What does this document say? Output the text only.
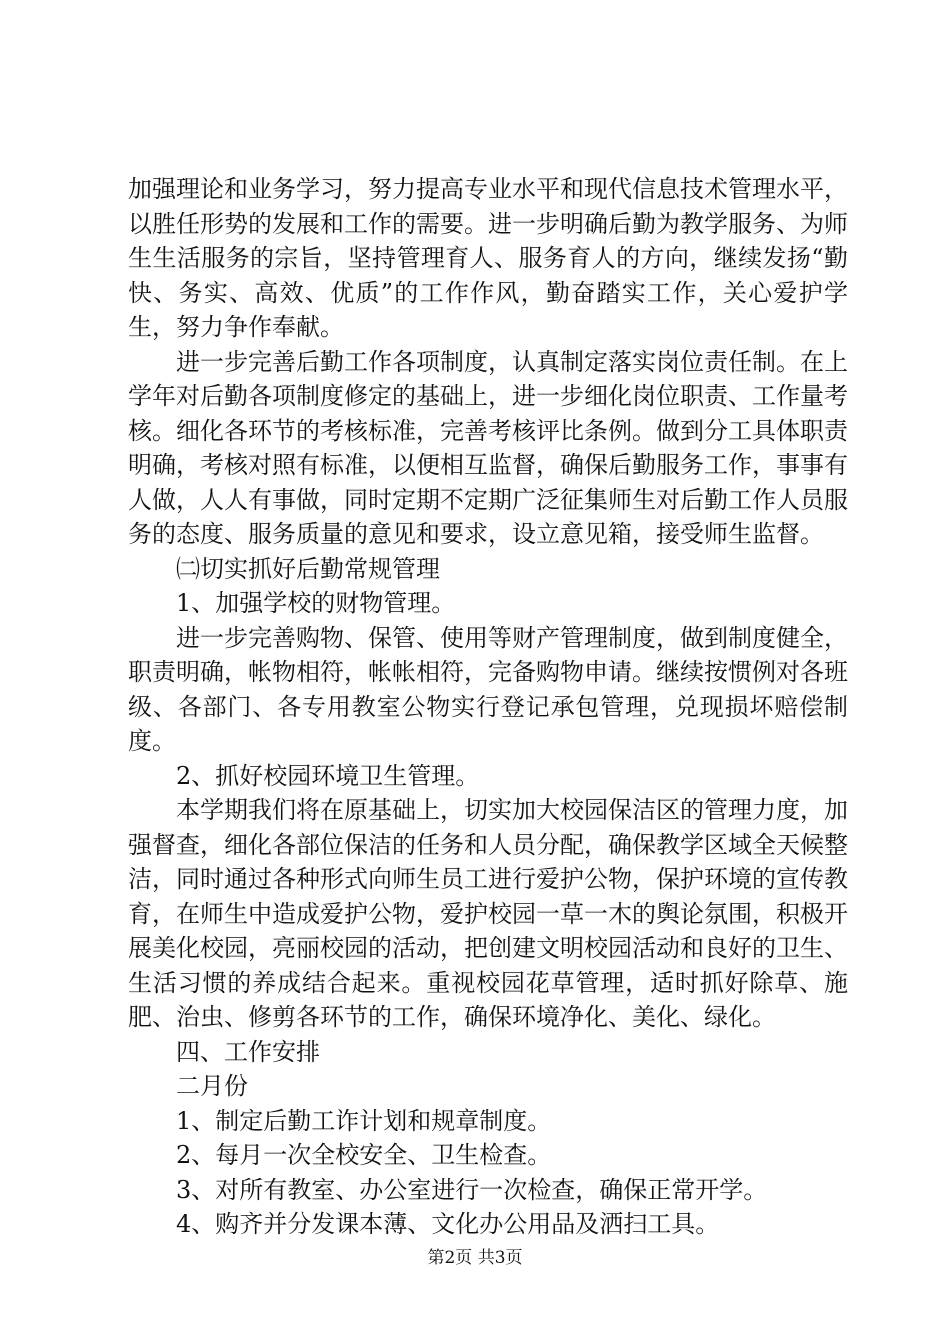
加强理论和业务学习，努力提高专业水平和现代信息技术管理水平，以胜任形势的发展和工作的需要。进一步明确后勤为教学服务、为师生生活服务的宗旨，坚持管理育人、服务育人的方向，继续发扬“勤快、务实、高效、优质”的工作作风，勤奋踏实工作，关心爱护学生，努力争作奉献。

进一步完善后勤工作各项制度，认真制定落实岗位责任制。在上学年对后勤各项制度修定的基础上，进一步细化岗位职责、工作量考核。细化各环节的考核标准，完善考核评比条例。做到分工具体职责明确，考核对照有标准，以便相互监督，确保后勤服务工作，事事有人做，人人有事做，同时定期不定期广泛征集师生对后勤工作人员服务的态度、服务质量的意见和要求，设立意见箱，接受师生监督。

㈡切实抓好后勤常规管理

1、加强学校的财物管理。

进一步完善购物、保管、使用等财产管理制度，做到制度健全，职责明确，帐物相符，帐帐相符，完备购物申请。继续按惯例对各班级、各部门、各专用教室公物实行登记承包管理，兑现损坏赔偿制度。

2、抓好校园环境卫生管理。

本学期我们将在原基础上，切实加大校园保洁区的管理力度，加强督查，细化各部位保洁的任务和人员分配，确保教学区域全天候整洁，同时通过各种形式向师生员工进行爱护公物，保护环境的宣传教育，在师生中造成爱护公物，爱护校园一草一木的舆论氛围，积极开展美化校园，亮丽校园的活动，把创建文明校园活动和良好的卫生、生活习惯的养成结合起来。重视校园花草管理，适时抓好除草、施肥、治虫、修剪各环节的工作，确保环境净化、美化、绿化。

四、工作安排

二月份

1、制定后勤工诈计划和规章制度。

2、每月一次全校安全、卫生检查。

3、对所有教室、办公室进行一次检查，确保正常开学。

4、购齐并分发课本薄、文化办公用品及洒扫工具。

第2页 共3页
